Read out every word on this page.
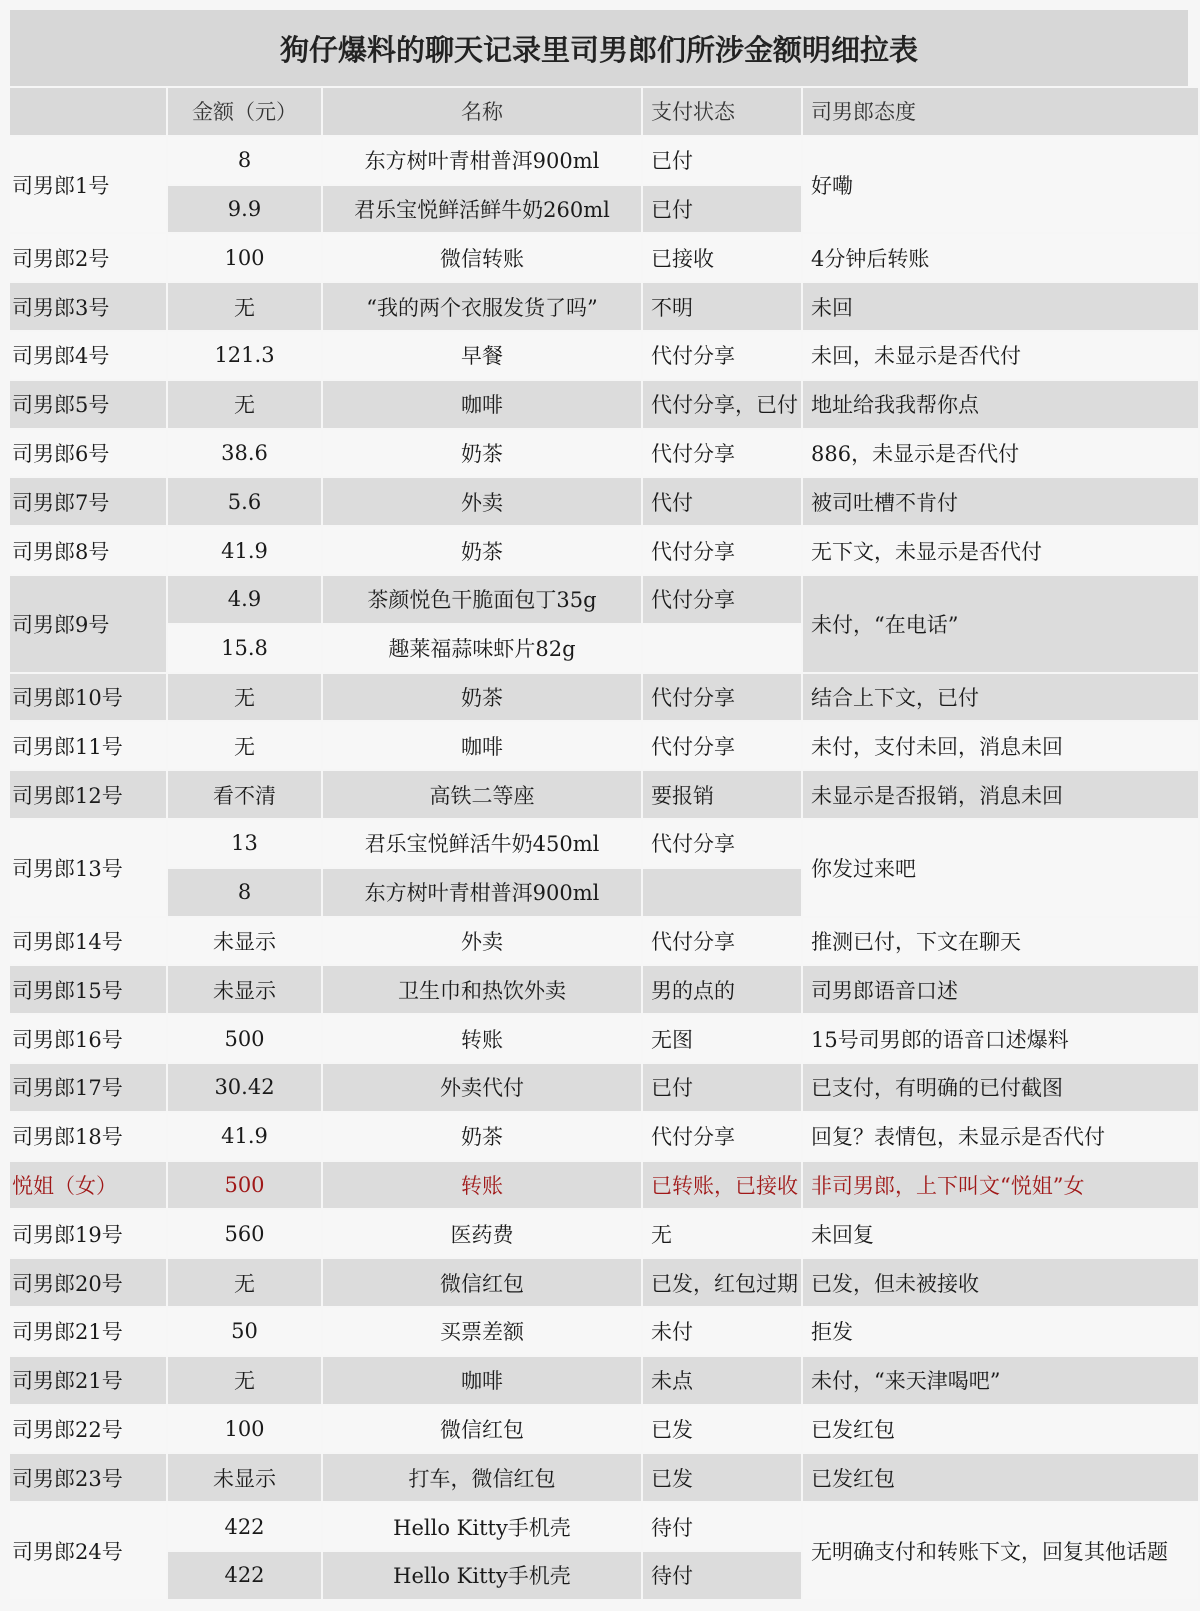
狗仔爆料的聊天记录里司男郎们所涉金额明细拉表
	金额（元）	名称	支付状态	司男郎态度
司男郎1号	8	东方树叶青柑普洱900ml	已付	好嘞
	9.9	君乐宝悦鲜活鲜牛奶260ml	已付	
司男郎2号	100	微信转账	已接收	4分钟后转账
司男郎3号	无	“我的两个衣服发货了吗”	不明	未回
司男郎4号	121.3	早餐	代付分享	未回，未显示是否代付
司男郎5号	无	咖啡	代付分享，已付	地址给我我帮你点
司男郎6号	38.6	奶茶	代付分享	886，未显示是否代付
司男郎7号	5.6	外卖	代付	被司吐槽不肯付
司男郎8号	41.9	奶茶	代付分享	无下文，未显示是否代付
司男郎9号	4.9	茶颜悦色干脆面包丁35g	代付分享	未付，“在电话”
	15.8	趣莱福蒜味虾片82g		
司男郎10号	无	奶茶	代付分享	结合上下文，已付
司男郎11号	无	咖啡	代付分享	未付，支付未回，消息未回
司男郎12号	看不清	高铁二等座	要报销	未显示是否报销，消息未回
司男郎13号	13	君乐宝悦鲜活牛奶450ml	代付分享	你发过来吧
	8	东方树叶青柑普洱900ml		
司男郎14号	未显示	外卖	代付分享	推测已付，下文在聊天
司男郎15号	未显示	卫生巾和热饮外卖	男的点的	司男郎语音口述
司男郎16号	500	转账	无图	15号司男郎的语音口述爆料
司男郎17号	30.42	外卖代付	已付	已支付，有明确的已付截图
司男郎18号	41.9	奶茶	代付分享	回复？表情包，未显示是否代付
悦姐（女）	500	转账	已转账，已接收	非司男郎，上下叫文“悦姐”女
司男郎19号	560	医药费	无	未回复
司男郎20号	无	微信红包	已发，红包过期	已发，但未被接收
司男郎21号	50	买票差额	未付	拒发
司男郎21号	无	咖啡	未点	未付，“来天津喝吧”
司男郎22号	100	微信红包	已发	已发红包
司男郎23号	未显示	打车，微信红包	已发	已发红包
司男郎24号	422	Hello Kitty手机壳	待付	无明确支付和转账下文，回复其他话题
	422	Hello Kitty手机壳	待付	
